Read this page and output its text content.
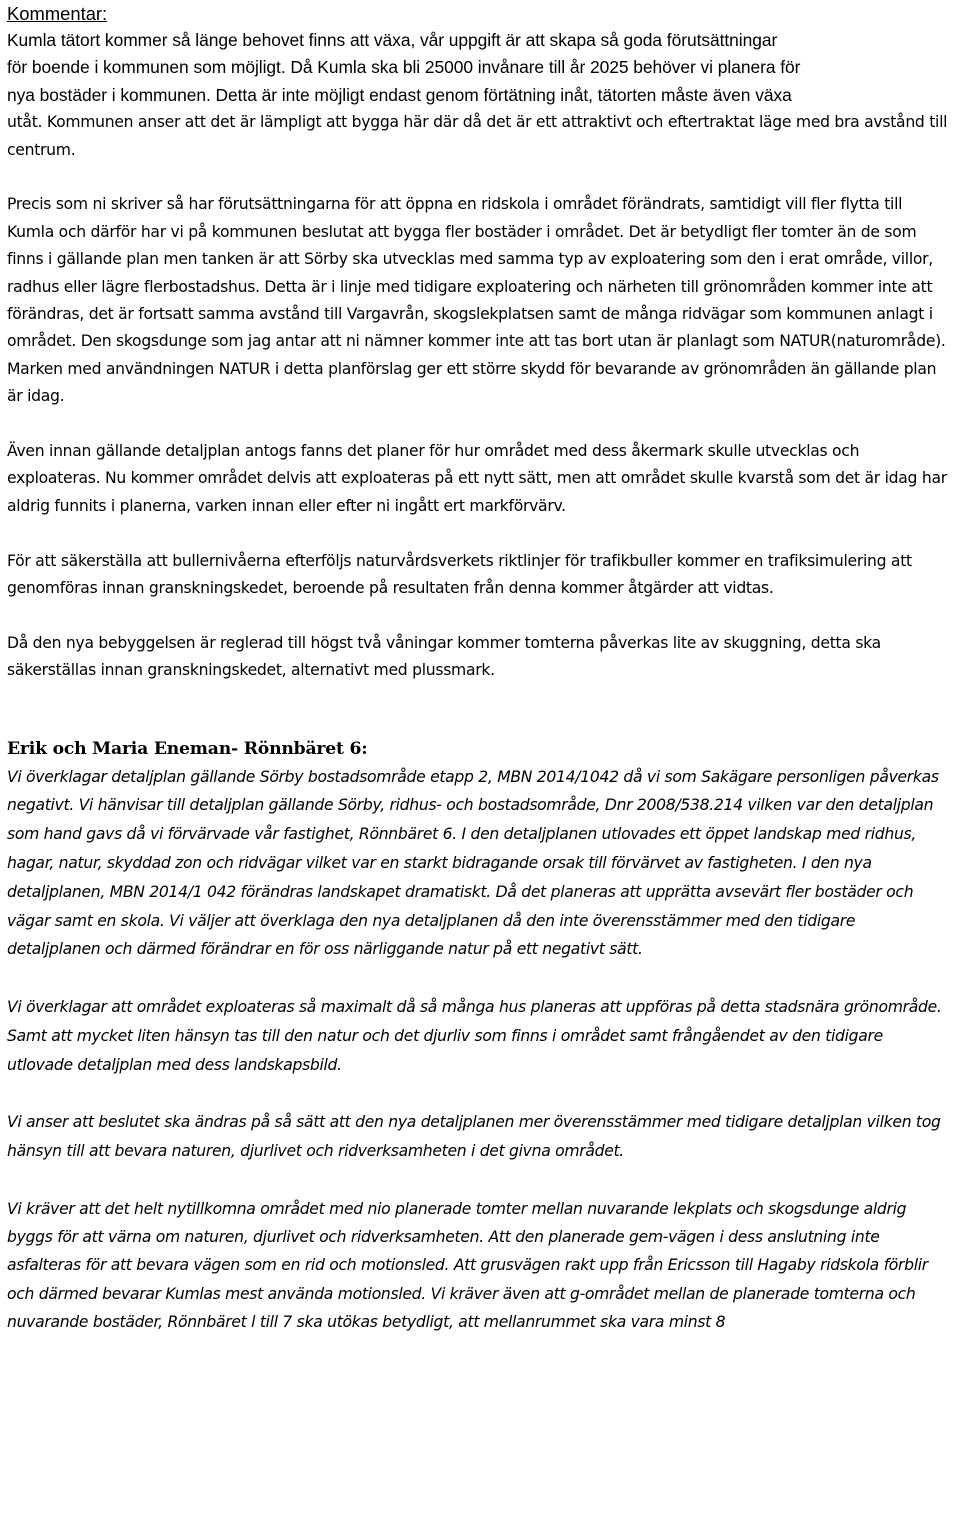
Kommentar:

Kumla tätort kommer så länge behovet finns att växa, vår uppgift är att skapa så goda förutsättningar

för boende i kommunen som möjligt. Då Kumla ska bli 25000 invånare till år 2025 behöver vi planera för

nya bostäder i kommunen. Detta är inte möjligt endast genom förtätning inåt, tätorten måste även växa

utåt. Kommunen anser att det är lämpligt att bygga här där då det är ett attraktivt och eftertraktat läge med bra avstånd till centrum.

Precis som ni skriver så har förutsättningarna för att öppna en ridskola i området förändrats, samtidigt vill fler flytta till Kumla och därför har vi på kommunen beslutat att bygga fler bostäder i området. Det är betydligt fler tomter än de som finns i gällande plan men tanken är att Sörby ska utvecklas med samma typ av exploatering som den i erat område, villor, radhus eller lägre flerbostadshus. Detta är i linje med tidigare exploatering och närheten till grönområden kommer inte att förändras, det är fortsatt samma avstånd till Vargavrån, skogslekplatsen samt de många ridvägar som kommunen anlagt i området. Den skogsdunge som jag antar att ni nämner kommer inte att tas bort utan är planlagt som NATUR(naturområde). Marken med användningen NATUR i detta planförslag ger ett större skydd för bevarande av grönområden än gällande plan är idag.

Även innan gällande detaljplan antogs fanns det planer för hur området med dess åkermark skulle utvecklas och exploateras. Nu kommer området delvis att exploateras på ett nytt sätt, men att området skulle kvarstå som det är idag har aldrig funnits i planerna, varken innan eller efter ni ingått ert markförvärv.

För att säkerställa att bullernivåerna efterföljs naturvårdsverkets riktlinjer för trafikbuller kommer en trafiksimulering att genomföras innan granskningskedet, beroende på resultaten från denna kommer åtgärder att vidtas.

Då den nya bebyggelsen är reglerad till högst två våningar kommer tomterna påverkas lite av skuggning, detta ska säkerställas innan granskningskedet, alternativt med plussmark.

Erik och Maria Eneman- Rönnbäret 6:

Vi överklagar detaljplan gällande Sörby bostadsområde etapp 2, MBN 2014/1042 då vi som Sakägare personligen påverkas negativt. Vi hänvisar till detaljplan gällande Sörby, ridhus- och bostadsområde, Dnr 2008/538.214 vilken var den detaljplan som hand gavs då vi förvärvade vår fastighet, Rönnbäret 6. I den detaljplanen utlovades ett öppet landskap med ridhus, hagar, natur, skyddad zon och ridvägar vilket var en starkt bidragande orsak till förvärvet av fastigheten. I den nya detaljplanen, MBN 2014/1 042 förändras landskapet dramatiskt. Då det planeras att upprätta avsevärt fler bostäder och vägar samt en skola. Vi väljer att överklaga den nya detaljplanen då den inte överensstämmer med den tidigare detaljplanen och därmed förändrar en för oss närliggande natur på ett negativt sätt.

Vi överklagar att området exploateras så maximalt då så många hus planeras att uppföras på detta stadsnära grönområde. Samt att mycket liten hänsyn tas till den natur och det djurliv som finns i området samt frångåendet av den tidigare utlovade detaljplan med dess landskapsbild.

Vi anser att beslutet ska ändras på så sätt att den nya detaljplanen mer överensstämmer med tidigare detaljplan vilken tog hänsyn till att bevara naturen, djurlivet och ridverksamheten i det givna området.

Vi kräver att det helt nytillkomna området med nio planerade tomter mellan nuvarande lekplats och skogsdunge aldrig byggs för att värna om naturen, djurlivet och ridverksamheten. Att den planerade gem-vägen i dess anslutning inte asfalteras för att bevara vägen som en rid och motionsled. Att grusvägen rakt upp från Ericsson till Hagaby ridskola förblir och därmed bevarar Kumlas mest använda motionsled. Vi kräver även att g-området mellan de planerade tomterna och nuvarande bostäder, Rönnbäret l till 7 ska utökas betydligt, att mellanrummet ska vara minst 8
